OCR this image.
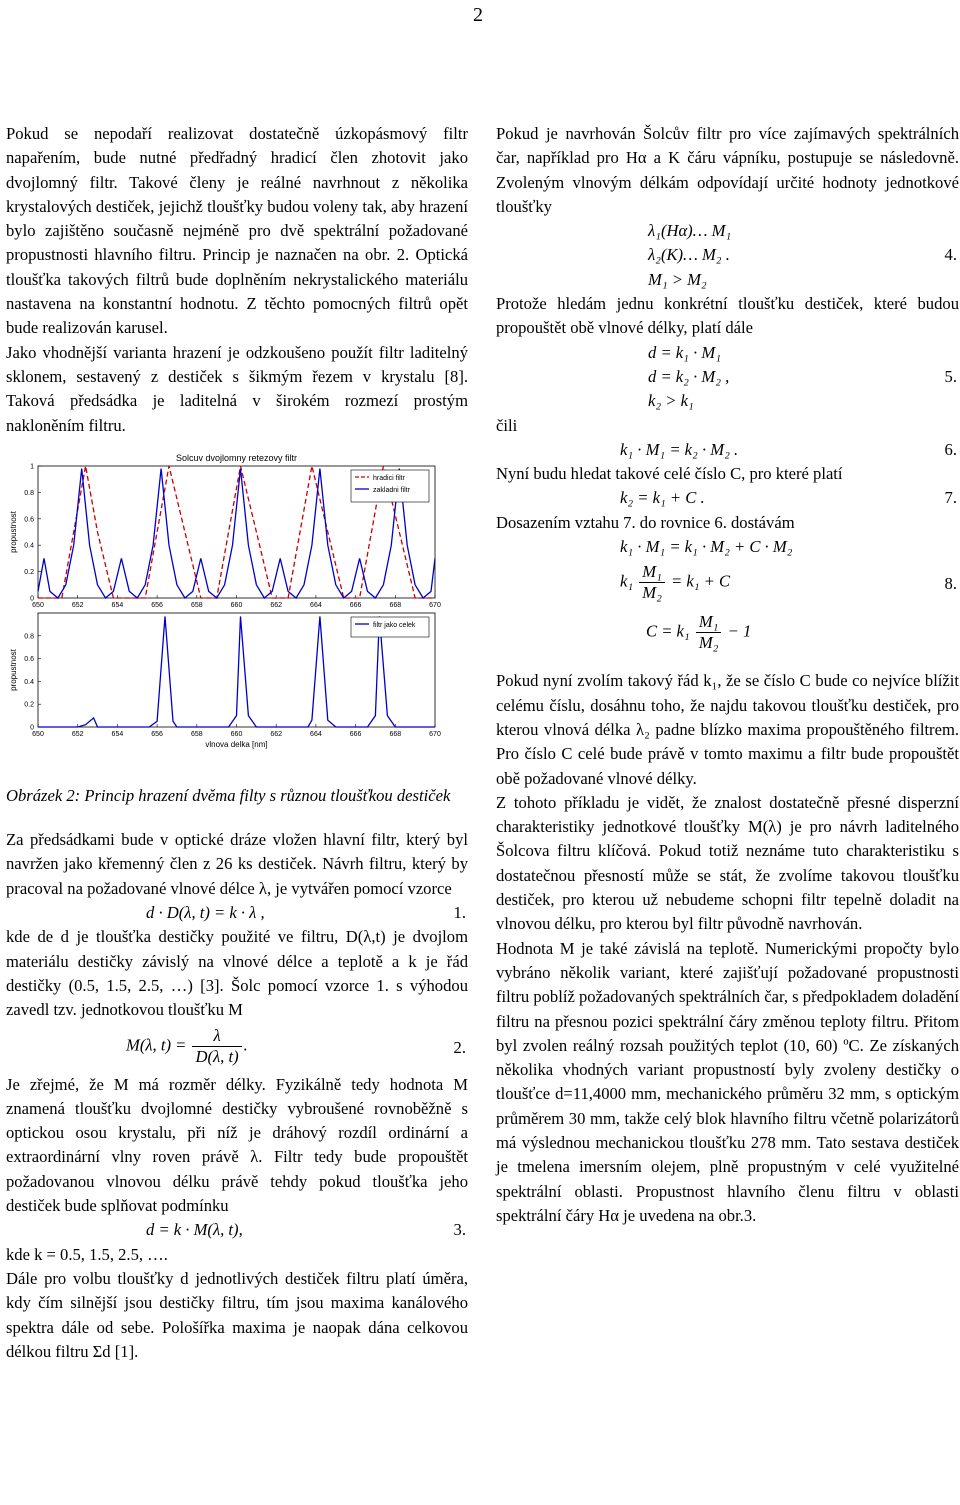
2

Pokud se nepodaří realizovat dostatečně úzkopásmový filtr napařením, bude nutné předřadný hradicí člen zhotovit jako dvojlomný filtr. Takové členy je reálné navrhnout z několika krystalových destiček, jejichž tloušťky budou voleny tak, aby hrazení bylo zajištěno současně nejméně pro dvě spektrální požadované propustnosti hlavního filtru. Princip je naznačen na obr. 2. Optická tloušťka takových filtrů bude doplněním nekrystalického materiálu nastavena na konstantní hodnotu. Z těchto pomocných filtrů opět bude realizován karusel.

Jako vhodnější varianta hrazení je odzkoušeno použít filtr laditelný sklonem, sestavený z destiček s šikmým řezem v krystalu [8]. Taková předsádka je laditelná v širokém rozmezí prostým nakloněním filtru.

Solcuv dvojlomny retezovy filtr
650	652	654	656	658	660	662	664	666	668	670
0
0.2
0.4
0.6
0.8
1
propustnost
hradici filtr
zakladni filtr
650	652	654	656	658	660	662	664	666	668	670
0
0.2
0.4
0.6
0.8
propustnost
vlnova delka [nm]
filtr jako celek

Obrázek 2: Princip hrazení dvěma filty s různou tloušťkou destiček

Za předsádkami bude v optické dráze vložen hlavní filtr, který byl navržen jako křemenný člen z 26 ks destiček. Návrh filtru, který by pracoval na požadované vlnové délce λ, je vytvářen pomocí vzorce

d · D(λ, t) = k · λ ,	1.

kde de d je tloušťka destičky použité ve filtru, D(λ,t) je dvojlom materiálu destičky závislý na vlnové délce a teplotě a k je řád destičky (0.5, 1.5, 2.5, …) [3]. Šolc pomocí vzorce 1. s výhodou zavedl tzv. jednotkovou tloušťku M

M(λ, $t) = \frac{\lambda}{D(\lambda, t)}$ .	2.

Je zřejmé, že M má rozměr délky. Fyzikálně tedy hodnota M znamená tloušťku dvojlomné destičky vybroušené rovnoběžně s optickou osou krystalu, při níž je dráhový rozdíl ordinární a extraordinární vlny roven právě λ. Filtr tedy bude propouštět požadovanou vlnovou délku právě tehdy pokud tloušťka jeho destiček bude splňovat podmínku

d = k · M(λ, t),	3.

kde k = 0.5, 1.5, 2.5, ….

Dále pro volbu tloušťky d jednotlivých destiček filtru platí úměra, kdy čím silnější jsou destičky filtru, tím jsou maxima kanálového spektra dále od sebe. Pološířka maxima je naopak dána celkovou délkou filtru Σd [1].

Pokud je navrhován Šolcův filtr pro více zajímavých spektrálních čar, například pro Hα a K čáru vápníku, postupuje se následovně. Zvoleným vlnovým délkám odpovídají určité hodnoty jednotkové tloušťky

λ₁(Hα)… M₁
λ₂(K)… M₂ .	4.
M₁ > M₂

Protože hledám jednu konkrétní tloušťku destiček, které budou propouštět obě vlnové délky, platí dále

d = k₁ · M₁
d = k₂ · M₂ ,	5.
k₂ > k₁

čili

k₁ · M₁ = k₂ · M₂ .	6.

Nyní budu hledat takové celé číslo C, pro které platí

k₂ = k₁ + C .	7.

Dosazením vztahu 7. do rovnice 6. dostávám

k₁ · M₁ = k₁ · M₂ + C · M₂
$k_1 \frac{\text{M₁}}{\text{M₂}} = k_1 + C$	8.
$C = k_1 \frac{\text{M₁}}{\text{M₂}} - 1$

Pokud nyní zvolím takový řád k₁, že se číslo C bude co nejvíce blížit celému číslu, dosáhnu toho, že najdu takovou tloušťku destiček, pro kterou vlnová délka λ₂ padne blízko maxima propouštěného filtrem. Pro číslo C celé bude právě v tomto maximu a filtr bude propouštět obě požadované vlnové délky.

Z tohoto příkladu je vidět, že znalost dostatečně přesné disperzní charakteristiky jednotkové tloušťky M(λ) je pro návrh laditelného Šolcova filtru klíčová. Pokud totiž neznáme tuto charakteristiku s dostatečnou přesností může se stát, že zvolíme takovou tloušťku destiček, pro kterou už nebudeme schopni filtr tepelně doladit na vlnovou délku, pro kterou byl filtr původně navrhován.

Hodnota M je také závislá na teplotě. Numerickými propočty bylo vybráno několik variant, které zajišťují požadované propustnosti filtru poblíž požadovaných spektrálních čar, s předpokladem doladění filtru na přesnou pozici spektrální čáry změnou teploty filtru. Přitom byl zvolen reálný rozsah použitých teplot (10, 60) ºC. Ze získaných několika vhodných variant propustností byly zvoleny destičky o tloušťce d=11,4000 mm, mechanického průměru 32 mm, s optickým průměrem 30 mm, takže celý blok hlavního filtru včetně polarizátorů má výslednou mechanickou tloušťku 278 mm. Tato sestava destiček je tmelena imersním olejem, plně propustným v celé využitelné spektrální oblasti. Propustnost hlavního členu filtru v oblasti spektrální čáry Hα je uvedena na obr.3.
